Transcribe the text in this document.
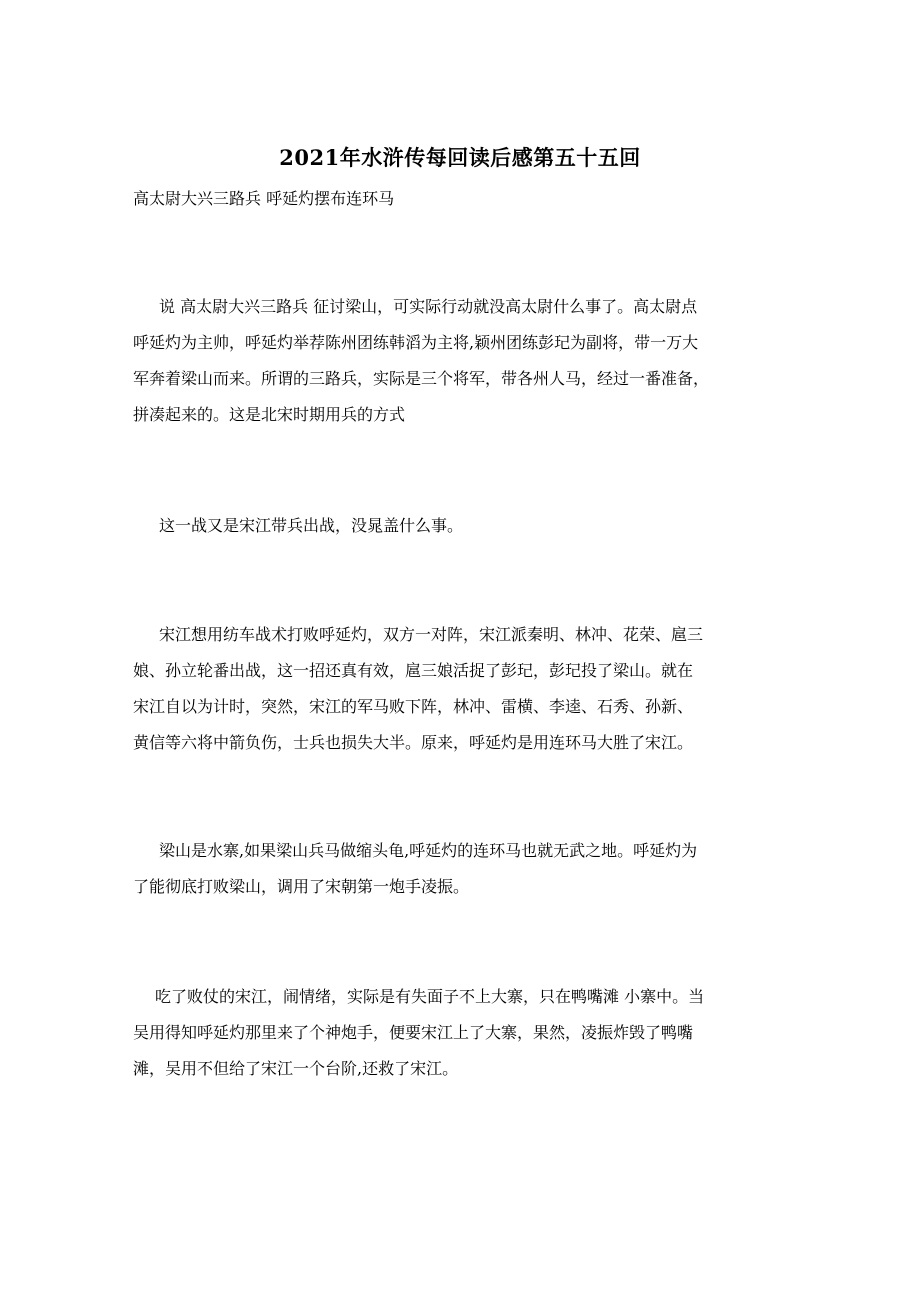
2021年水浒传每回读后感第五十五回
高太尉大兴三路兵 呼延灼摆布连环马
说 高太尉大兴三路兵 征讨梁山，可实际行动就没高太尉什么事了。高太尉点
呼延灼为主帅，呼延灼举荐陈州团练韩滔为主将,颖州团练彭玘为副将，带一万大
军奔着梁山而来。所谓的三路兵，实际是三个将军，带各州人马，经过一番准备，
拼凑起来的。这是北宋时期用兵的方式
这一战又是宋江带兵出战，没晁盖什么事。
宋江想用纺车战术打败呼延灼，双方一对阵，宋江派秦明、林冲、花荣、扈三
娘、孙立轮番出战，这一招还真有效，扈三娘活捉了彭玘，彭玘投了梁山。就在
宋江自以为计时，突然，宋江的军马败下阵，林冲、雷横、李逵、石秀、孙新、
黄信等六将中箭负伤，士兵也损失大半。原来，呼延灼是用连环马大胜了宋江。
梁山是水寨,如果梁山兵马做缩头龟,呼延灼的连环马也就无武之地。呼延灼为
了能彻底打败梁山，调用了宋朝第一炮手凌振。
吃了败仗的宋江，闹情绪，实际是有失面子不上大寨，只在鸭嘴滩 小寨中。当
吴用得知呼延灼那里来了个神炮手，便要宋江上了大寨，果然，凌振炸毁了鸭嘴
滩，吴用不但给了宋江一个台阶,还救了宋江。
